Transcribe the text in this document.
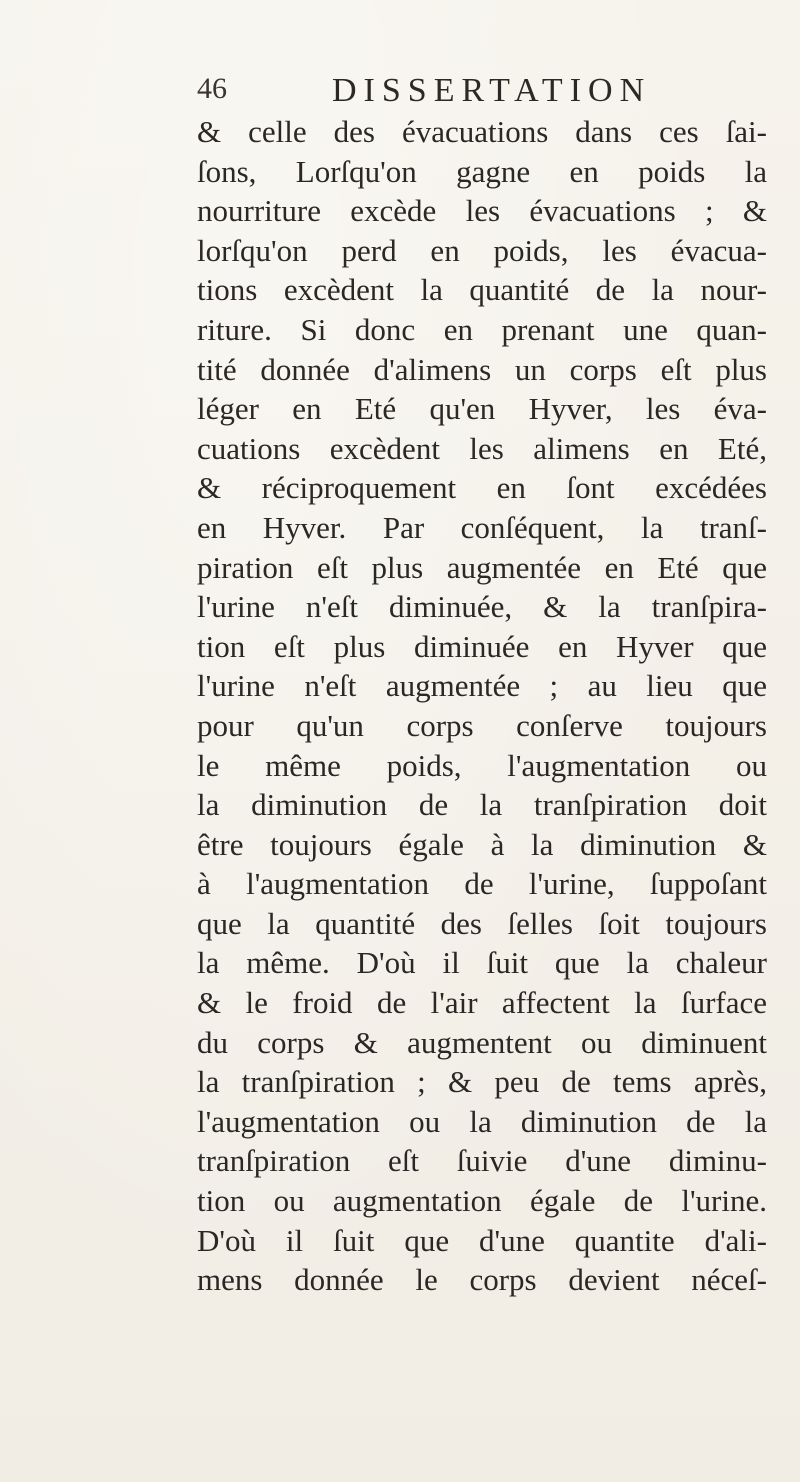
46	DISSERTATION
& celle des évacuations dans ces ſai-
ſons, Lorſqu'on gagne en poids la
nourriture excède les évacuations ; &
lorſqu'on perd en poids, les évacua-
tions excèdent la quantité de la nour-
riture. Si donc en prenant une quan-
tité donnée d'alimens un corps eſt plus
léger en Eté qu'en Hyver, les éva-
cuations excèdent les alimens en Eté,
& réciproquement en ſont excédées
en Hyver. Par conſéquent, la tranſ-
piration eſt plus augmentée en Eté que
l'urine n'eſt diminuée, & la tranſpira-
tion eſt plus diminuée en Hyver que
l'urine n'eſt augmentée ; au lieu que
pour qu'un corps conſerve toujours
le même poids, l'augmentation ou
la diminution de la tranſpiration doit
être toujours égale à la diminution &
à l'augmentation de l'urine, ſuppoſant
que la quantité des ſelles ſoit toujours
la même. D'où il ſuit que la chaleur
& le froid de l'air affectent la ſurface
du corps & augmentent ou diminuent
la tranſpiration ; & peu de tems après,
l'augmentation ou la diminution de la
tranſpiration eſt ſuivie d'une diminu-
tion ou augmentation égale de l'urine.
D'où il ſuit que d'une quantite d'ali-
mens donnée le corps devient néceſ-
